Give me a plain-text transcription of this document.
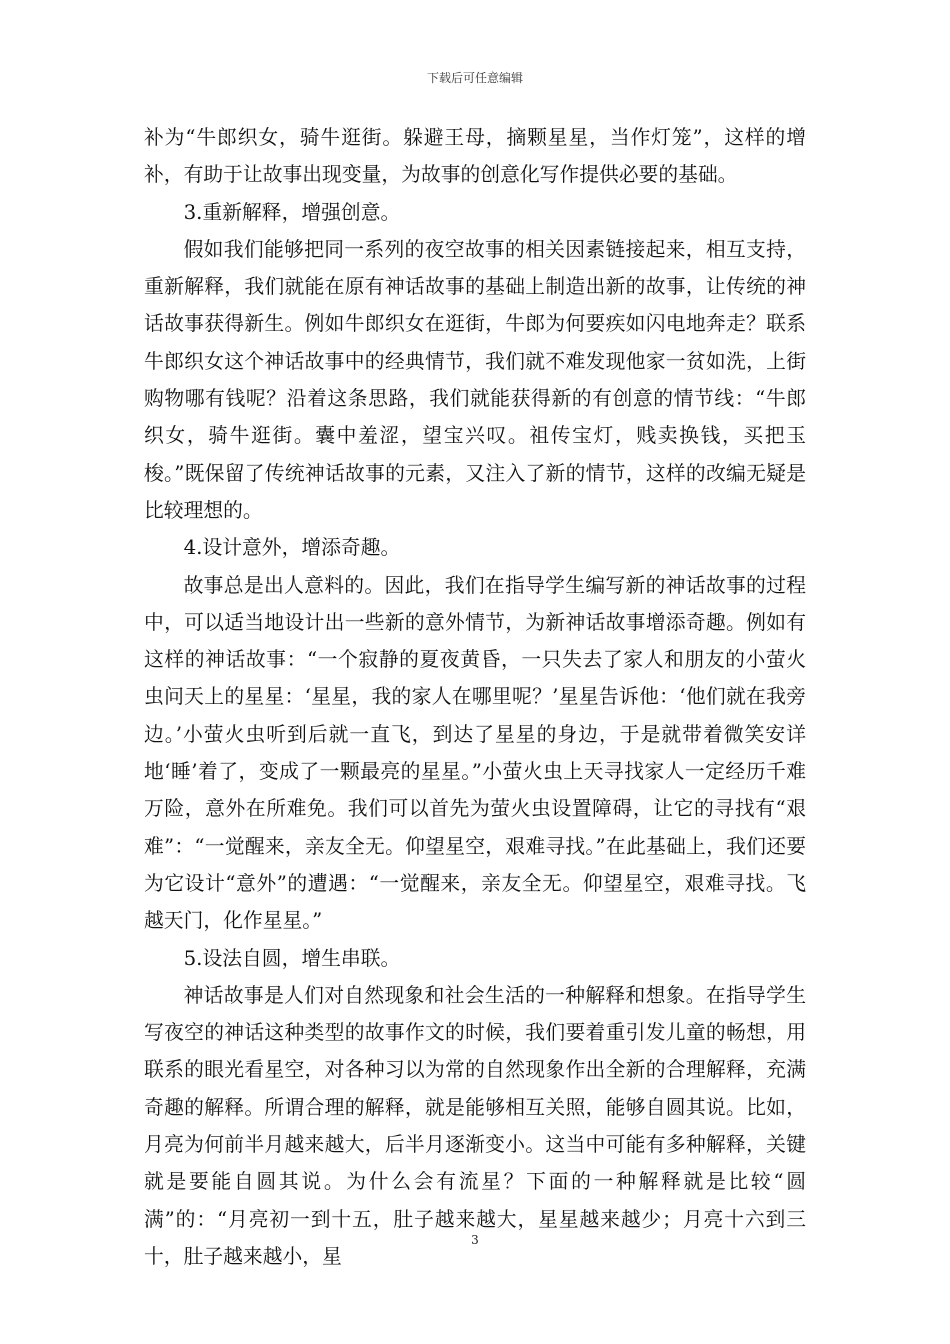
下载后可任意编辑

补为“牛郎织女，骑牛逛街。躲避王母，摘颗星星，当作灯笼”，这样的增补，有助于让故事出现变量，为故事的创意化写作提供必要的基础。

3.重新解释，增强创意。

假如我们能够把同一系列的夜空故事的相关因素链接起来，相互支持，重新解释，我们就能在原有神话故事的基础上制造出新的故事，让传统的神话故事获得新生。例如牛郎织女在逛街，牛郎为何要疾如闪电地奔走？联系牛郎织女这个神话故事中的经典情节，我们就不难发现他家一贫如洗，上街购物哪有钱呢？沿着这条思路，我们就能获得新的有创意的情节线：“牛郎织女，骑牛逛街。囊中羞涩，望宝兴叹。祖传宝灯，贱卖换钱，买把玉梭。”既保留了传统神话故事的元素，又注入了新的情节，这样的改编无疑是比较理想的。

4.设计意外，增添奇趣。

故事总是出人意料的。因此，我们在指导学生编写新的神话故事的过程中，可以适当地设计出一些新的意外情节，为新神话故事增添奇趣。例如有这样的神话故事：“一个寂静的夏夜黄昏，一只失去了家人和朋友的小萤火虫问天上的星星：‘星星，我的家人在哪里呢？’星星告诉他：‘他们就在我旁边。’小萤火虫听到后就一直飞，到达了星星的身边，于是就带着微笑安详地‘睡’着了，变成了一颗最亮的星星。”小萤火虫上天寻找家人一定经历千难万险，意外在所难免。我们可以首先为萤火虫设置障碍，让它的寻找有“艰难”：“一觉醒来，亲友全无。仰望星空，艰难寻找。”在此基础上，我们还要为它设计“意外”的遭遇：“一觉醒来，亲友全无。仰望星空，艰难寻找。飞越天门，化作星星。”

5.设法自圆，增生串联。

神话故事是人们对自然现象和社会生活的一种解释和想象。在指导学生写夜空的神话这种类型的故事作文的时候，我们要着重引发儿童的畅想，用联系的眼光看星空，对各种习以为常的自然现象作出全新的合理解释，充满奇趣的解释。所谓合理的解释，就是能够相互关照，能够自圆其说。比如，月亮为何前半月越来越大，后半月逐渐变小。这当中可能有多种解释，关键就是要能自圆其说。为什么会有流星？下面的一种解释就是比较“圆满”的：“月亮初一到十五，肚子越来越大，星星越来越少；月亮十六到三十，肚子越来越小，星

3
